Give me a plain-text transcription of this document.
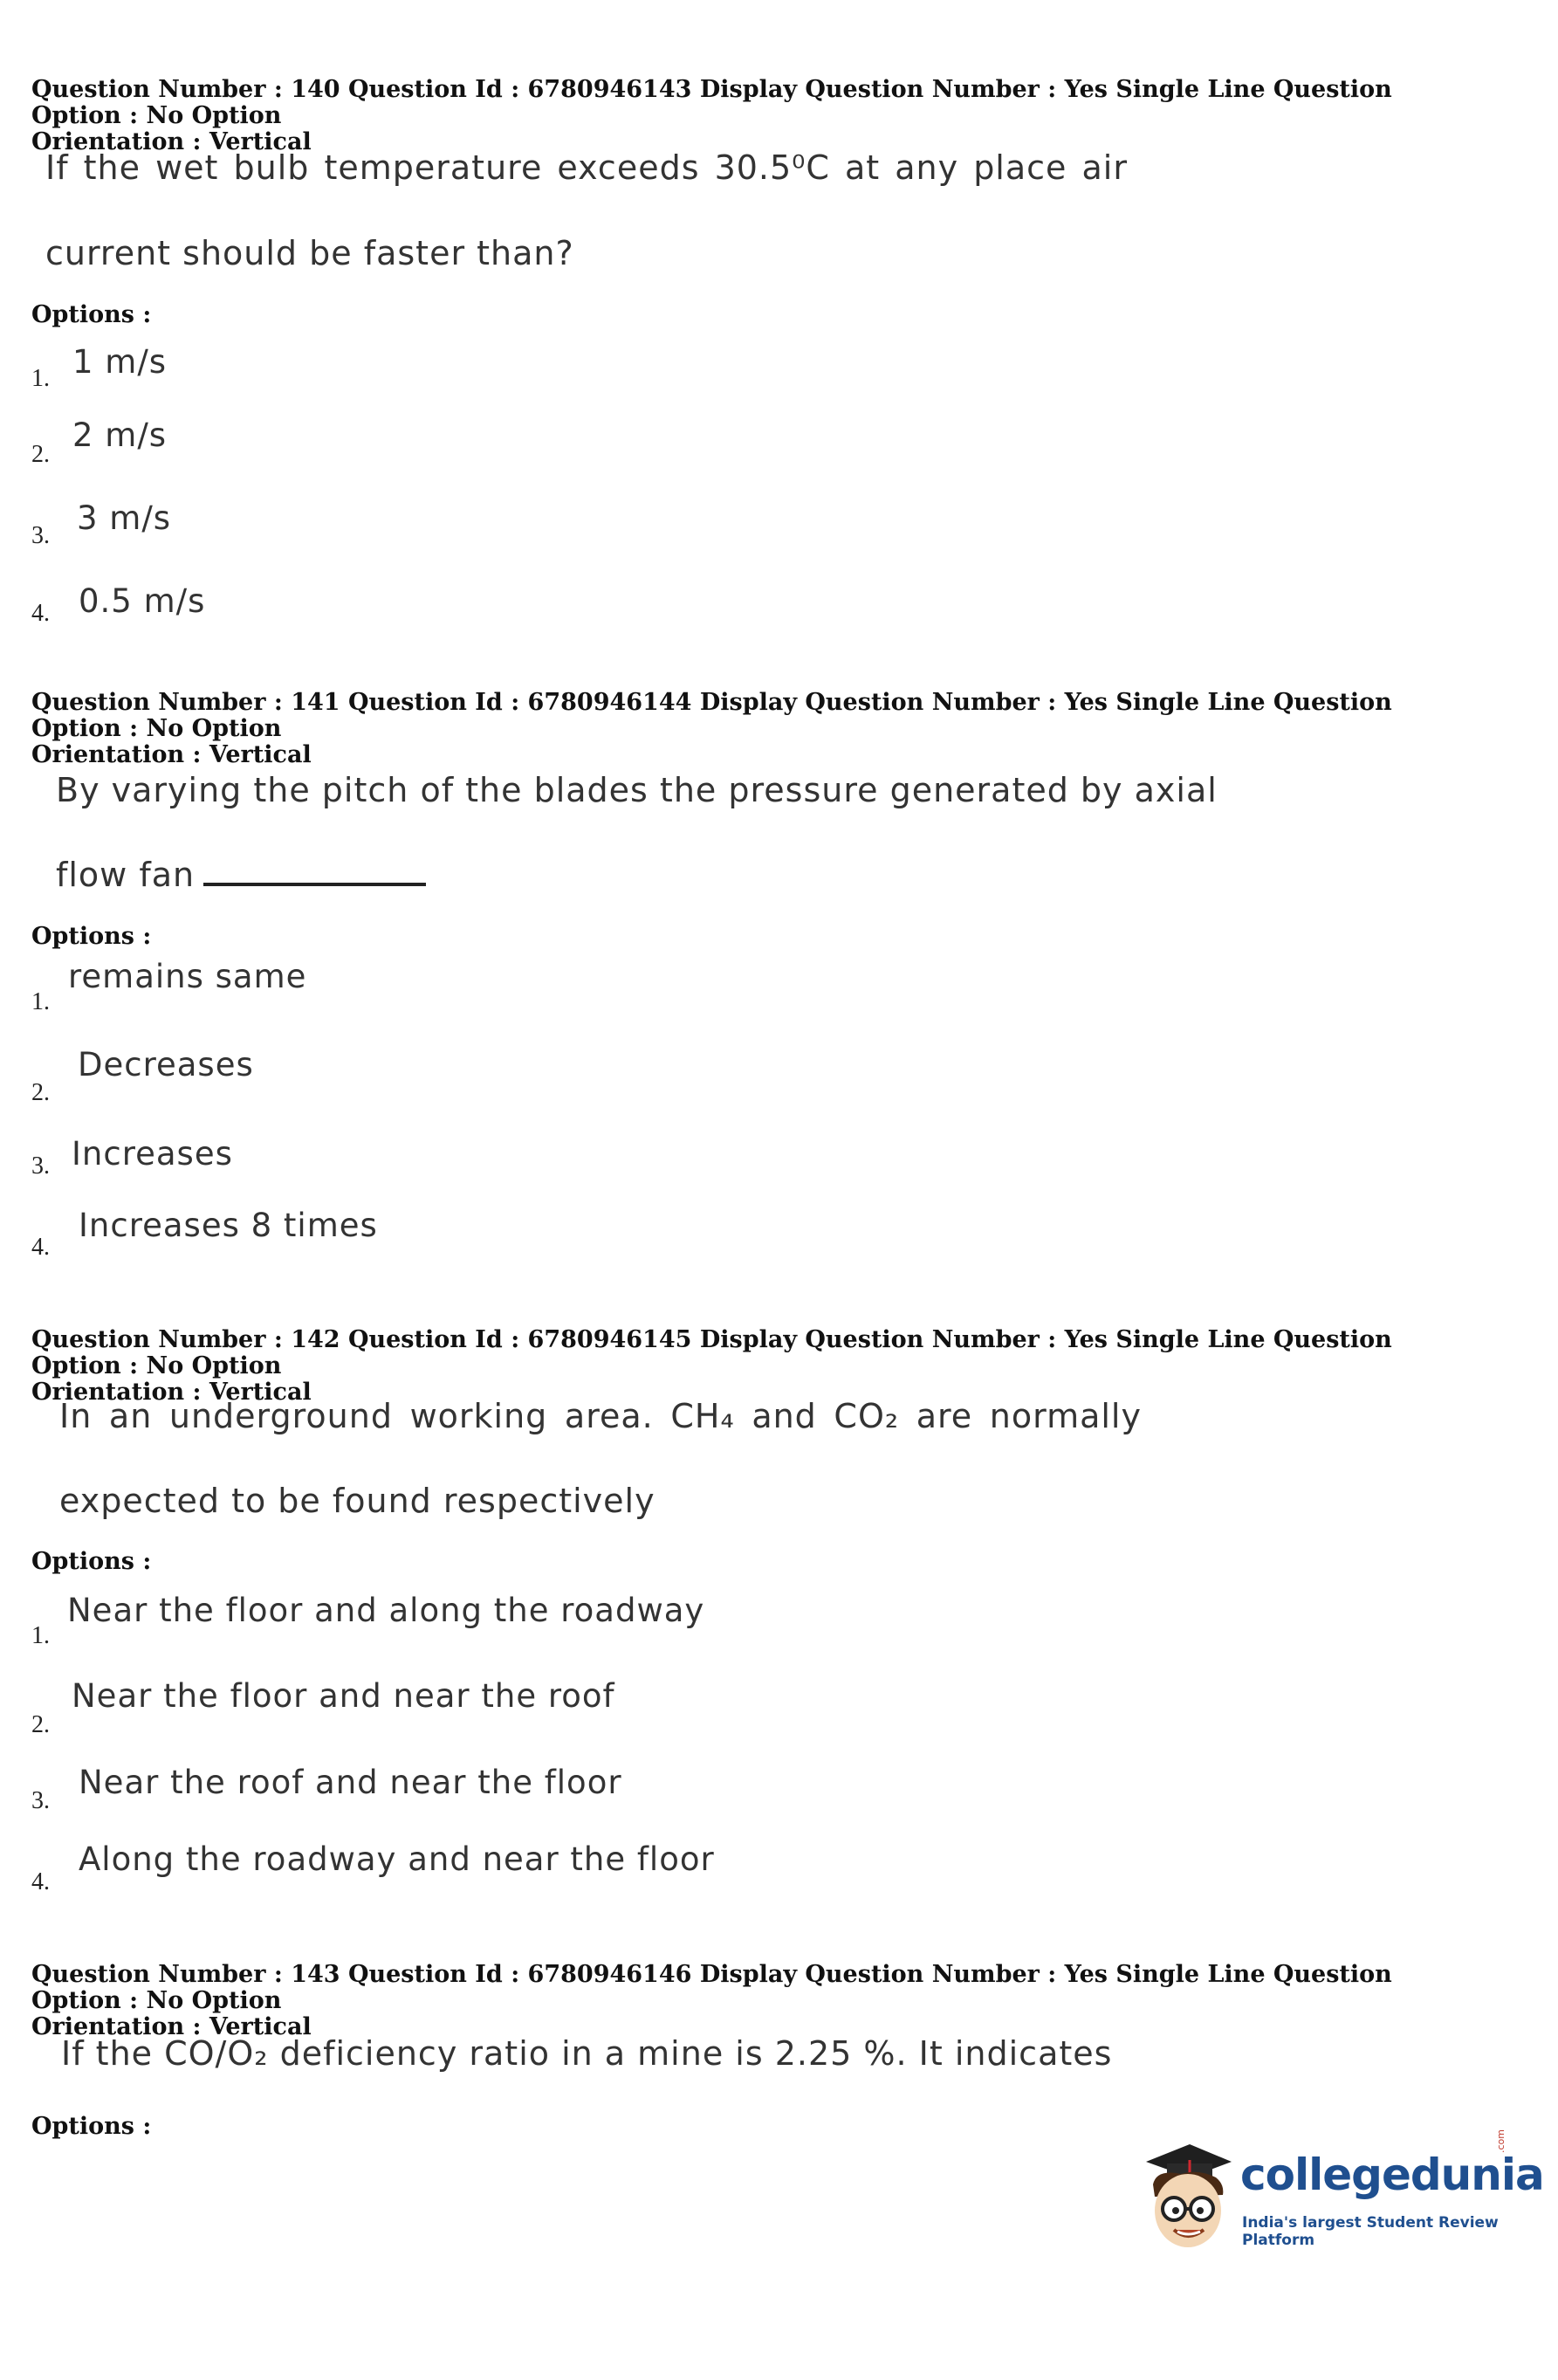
Question Number : 140 Question Id : 6780946143 Display Question Number : Yes Single Line Question Option : No Option
Orientation : Vertical
If the wet bulb temperature exceeds 30.5⁰C at any place air
current should be faster than?
Options :
1. 1 m/s
2.
2 m/s
3. 3 m/s
4. 0.5 m/s
Question Number : 141 Question Id : 6780946144 Display Question Number : Yes Single Line Question Option : No Option
Orientation : Vertical
By varying the pitch of the blades the pressure generated by axial
flow fan
Options :
1.
remains same
2.
Decreases
3. Increases
4.
Increases 8 times
Question Number : 142 Question Id : 6780946145 Display Question Number : Yes Single Line Question Option : No Option
Orientation : Vertical
In an underground working area. CH₄ and CO₂ are normally
expected to be found respectively
Options :
1.
Near the floor and along the roadway
2.
Near the floor and near the roof
3. Near the roof and near the floor
4.
Along the roadway and near the floor
Question Number : 143 Question Id : 6780946146 Display Question Number : Yes Single Line Question Option : No Option
Orientation : Vertical
If the CO/O₂ deficiency ratio in a mine is 2.25 %. It indicates
Options :
collegedunia
.com
India's largest Student Review Platform
